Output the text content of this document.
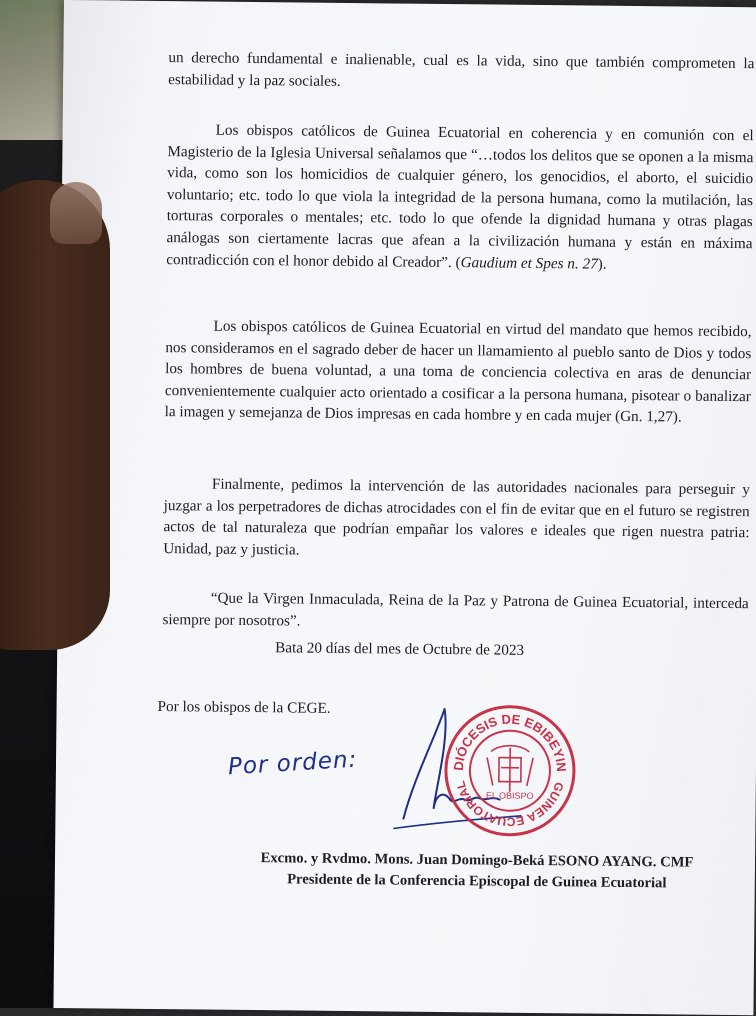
un derecho fundamental e inalienable, cual es la vida, sino que también comprometen la estabilidad y la paz sociales.

Los obispos católicos de Guinea Ecuatorial en coherencia y en comunión con el Magisterio de la Iglesia Universal señalamos que “…todos los delitos que se oponen a la misma vida, como son los homicidios de cualquier género, los genocidios, el aborto, el suicidio voluntario; etc. todo lo que viola la integridad de la persona humana, como la mutilación, las torturas corporales o mentales; etc. todo lo que ofende la dignidad humana y otras plagas análogas son ciertamente lacras que afean a la civilización humana y están en máxima contradicción con el honor debido al Creador”. (Gaudium et Spes n. 27).

Los obispos católicos de Guinea Ecuatorial en virtud del mandato que hemos recibido, nos consideramos en el sagrado deber de hacer un llamamiento al pueblo santo de Dios y todos los hombres de buena voluntad, a una toma de conciencia colectiva en aras de denunciar convenientemente cualquier acto orientado a cosificar a la persona humana, pisotear o banalizar la imagen y semejanza de Dios impresas en cada hombre y en cada mujer (Gn. 1,27).

Finalmente, pedimos la intervención de las autoridades nacionales para perseguir y juzgar a los perpetradores de dichas atrocidades con el fin de evitar que en el futuro se registren actos de tal naturaleza que podrían empañar los valores e ideales que rigen nuestra patria: Unidad, paz y justicia.

“Que la Virgen Inmaculada, Reina de la Paz y Patrona de Guinea Ecuatorial, interceda siempre por nosotros”.

Bata 20 días del mes de Octubre de 2023
Por los obispos de la CEGE.
Por orden:	DIÓCESIS DE EBIBEYIN
GUINEA ECUATORIAL
EL OBISPO
Excmo. y Rvdmo. Mons. Juan Domingo-Beká ESONO AYANG. CMF
Presidente de la Conferencia Episcopal de Guinea Ecuatorial
